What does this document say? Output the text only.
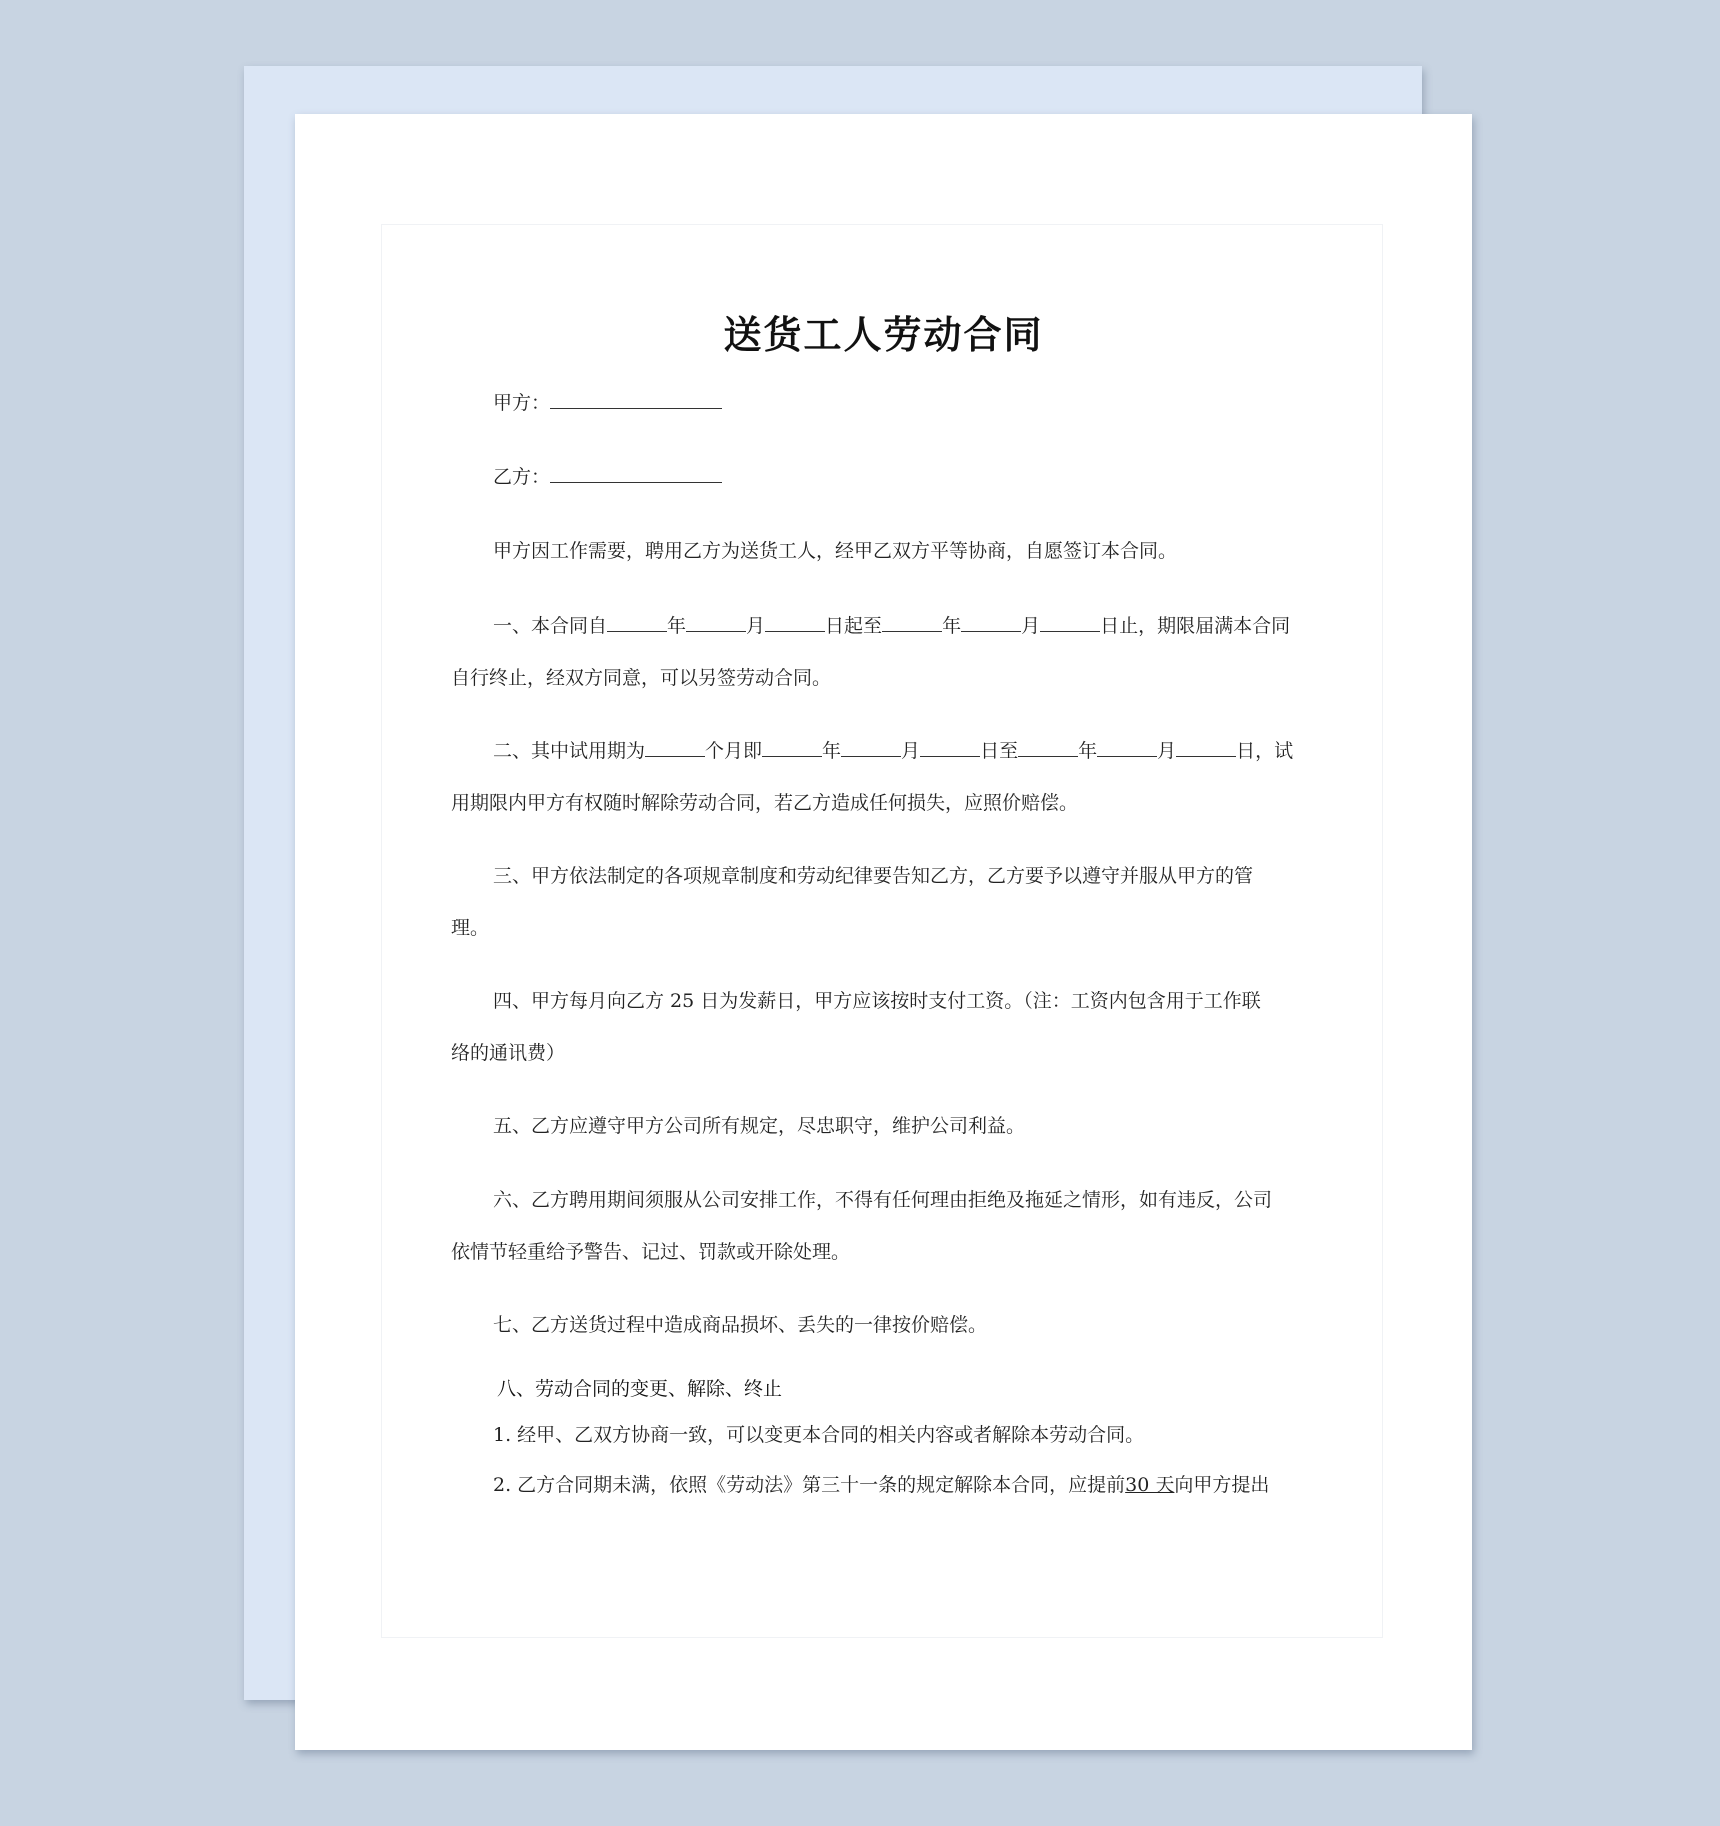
送货工人劳动合同
甲方：
乙方：
甲方因工作需要，聘用乙方为送货工人，经甲乙双方平等协商，自愿签订本合同。
一、本合同自	年	月	日起至	年	月	日止，期限届满本合同
自行终止，经双方同意，可以另签劳动合同。
二、其中试用期为	个月即	年	月	日至	年	月	日，试
用期限内甲方有权随时解除劳动合同，若乙方造成任何损失，应照价赔偿。
三、甲方依法制定的各项规章制度和劳动纪律要告知乙方，乙方要予以遵守并服从甲方的管
理。
四、甲方每月向乙方 25 日为发薪日，甲方应该按时支付工资。（注：工资内包含用于工作联
络的通讯费）
五、乙方应遵守甲方公司所有规定，尽忠职守，维护公司利益。
六、乙方聘用期间须服从公司安排工作，不得有任何理由拒绝及拖延之情形，如有违反，公司
依情节轻重给予警告、记过、罚款或开除处理。
七、乙方送货过程中造成商品损坏、丢失的一律按价赔偿。
八、劳动合同的变更、解除、终止
1. 经甲、乙双方协商一致，可以变更本合同的相关内容或者解除本劳动合同。
2. 乙方合同期未满，依照《劳动法》第三十一条的规定解除本合同，应提前30 天向甲方提出
